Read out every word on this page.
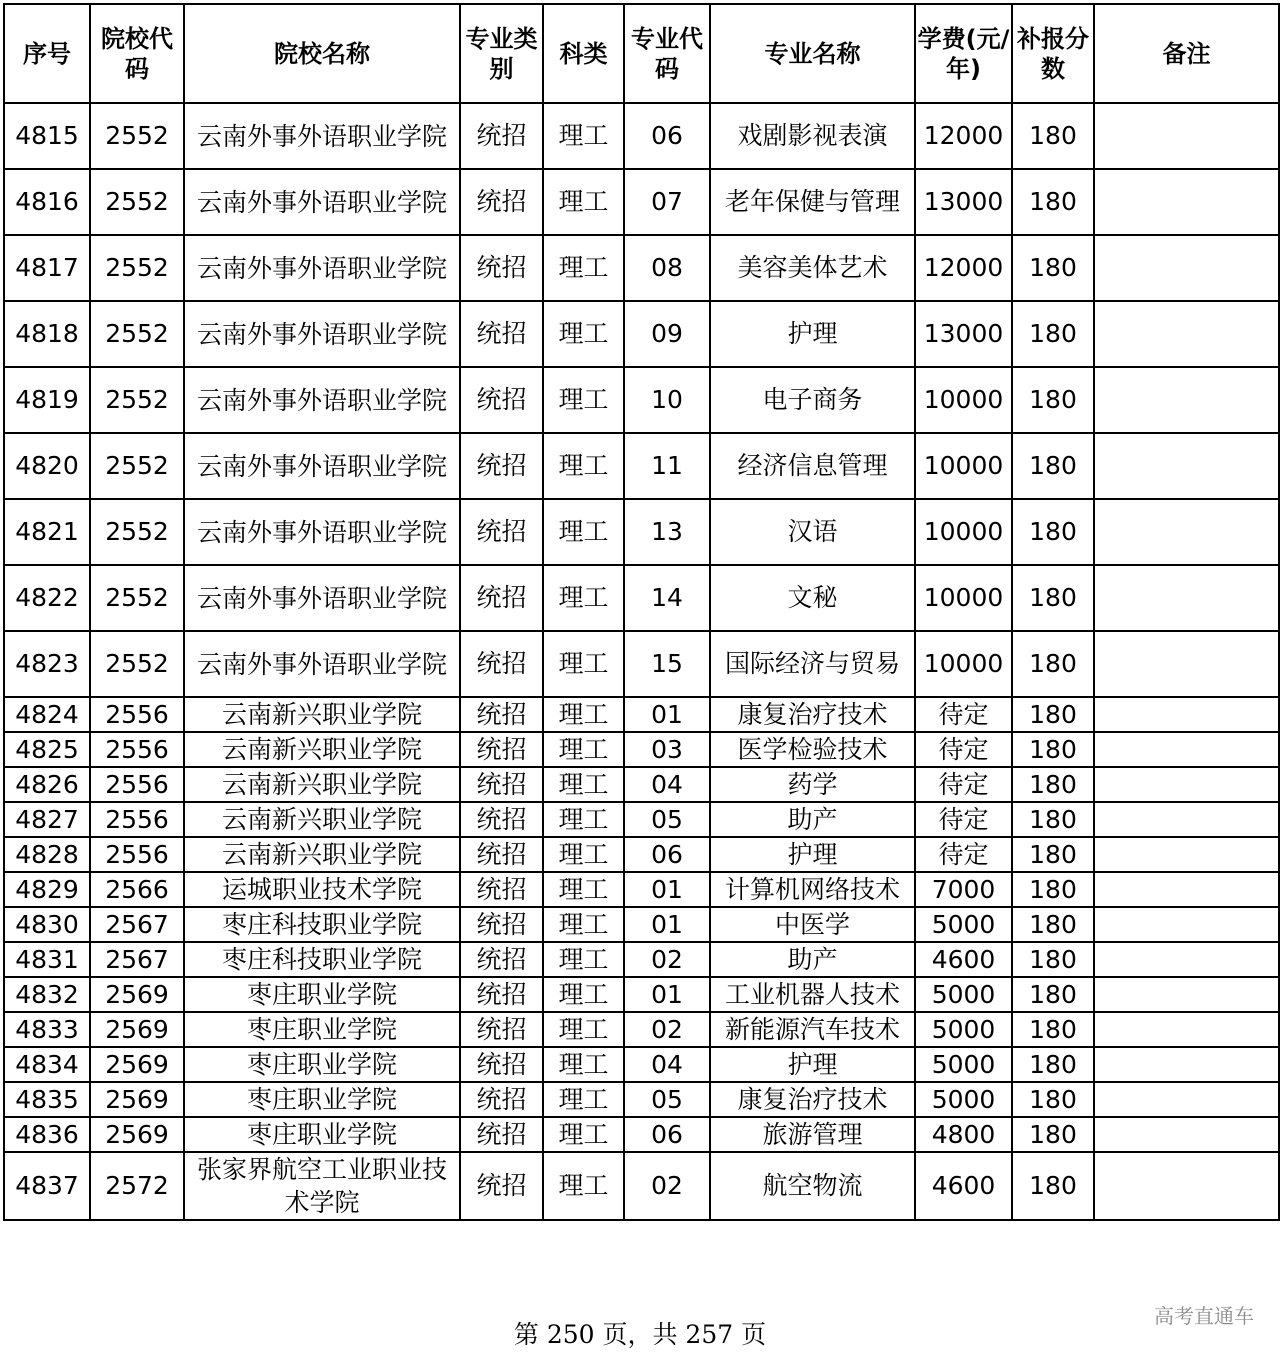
序号	院校代码	院校名称	专业类别	科类	专业代码	专业名称	学费(元/年)	补报分数	备注
4815	2552	云南外事外语职业学院	统招	理工	06	戏剧影视表演	12000	180	
4816	2552	云南外事外语职业学院	统招	理工	07	老年保健与管理	13000	180	
4817	2552	云南外事外语职业学院	统招	理工	08	美容美体艺术	12000	180	
4818	2552	云南外事外语职业学院	统招	理工	09	护理	13000	180	
4819	2552	云南外事外语职业学院	统招	理工	10	电子商务	10000	180	
4820	2552	云南外事外语职业学院	统招	理工	11	经济信息管理	10000	180	
4821	2552	云南外事外语职业学院	统招	理工	13	汉语	10000	180	
4822	2552	云南外事外语职业学院	统招	理工	14	文秘	10000	180	
4823	2552	云南外事外语职业学院	统招	理工	15	国际经济与贸易	10000	180	
4824	2556	云南新兴职业学院	统招	理工	01	康复治疗技术	待定	180	
4825	2556	云南新兴职业学院	统招	理工	03	医学检验技术	待定	180	
4826	2556	云南新兴职业学院	统招	理工	04	药学	待定	180	
4827	2556	云南新兴职业学院	统招	理工	05	助产	待定	180	
4828	2556	云南新兴职业学院	统招	理工	06	护理	待定	180	
4829	2566	运城职业技术学院	统招	理工	01	计算机网络技术	7000	180	
4830	2567	枣庄科技职业学院	统招	理工	01	中医学	5000	180	
4831	2567	枣庄科技职业学院	统招	理工	02	助产	4600	180	
4832	2569	枣庄职业学院	统招	理工	01	工业机器人技术	5000	180	
4833	2569	枣庄职业学院	统招	理工	02	新能源汽车技术	5000	180	
4834	2569	枣庄职业学院	统招	理工	04	护理	5000	180	
4835	2569	枣庄职业学院	统招	理工	05	康复治疗技术	5000	180	
4836	2569	枣庄职业学院	统招	理工	06	旅游管理	4800	180	
4837	2572	张家界航空工业职业技术学院	统招	理工	02	航空物流	4600	180	
第 250 页，共 257 页
高考直通车
